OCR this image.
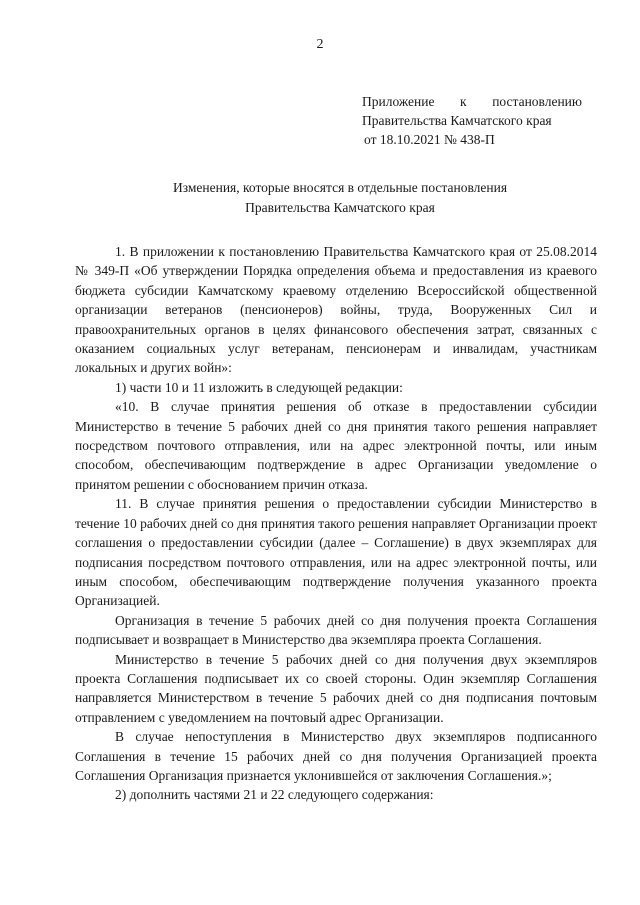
2
Приложение к постановлению
Правительства Камчатского края
от 18.10.2021 № 438-П
Изменения, которые вносятся в отдельные постановления
Правительства Камчатского края

1. В приложении к постановлению Правительства Камчатского края от 25.08.2014 № 349-П «Об утверждении Порядка определения объема и предоставления из краевого бюджета субсидии Камчатскому краевому отделению Всероссийской общественной организации ветеранов (пенсионеров) войны, труда, Вооруженных Сил и правоохранительных органов в целях финансового обеспечения затрат, связанных с оказанием социальных услуг ветеранам, пенсионерам и инвалидам, участникам локальных и других войн»:

1) части 10 и 11 изложить в следующей редакции:

«10. В случае принятия решения об отказе в предоставлении субсидии Министерство в течение 5 рабочих дней со дня принятия такого решения направляет посредством почтового отправления, или на адрес электронной почты, или иным способом, обеспечивающим подтверждение в адрес Организации уведомление о принятом решении с обоснованием причин отказа.

11. В случае принятия решения о предоставлении субсидии Министерство в течение 10 рабочих дней со дня принятия такого решения направляет Организации проект соглашения о предоставлении субсидии (далее – Соглашение) в двух экземплярах для подписания посредством почтового отправления, или на адрес электронной почты, или иным способом, обеспечивающим подтверждение получения указанного проекта Организацией.

Организация в течение 5 рабочих дней со дня получения проекта Соглашения подписывает и возвращает в Министерство два экземпляра проекта Соглашения.

Министерство в течение 5 рабочих дней со дня получения двух экземпляров проекта Соглашения подписывает их со своей стороны. Один экземпляр Соглашения направляется Министерством в течение 5 рабочих дней со дня подписания почтовым отправлением с уведомлением на почтовый адрес Организации.

В случае непоступления в Министерство двух экземпляров подписанного Соглашения в течение 15 рабочих дней со дня получения Организацией проекта Соглашения Организация признается уклонившейся от заключения Соглашения.»;

2) дополнить частями 21 и 22 следующего содержания:
